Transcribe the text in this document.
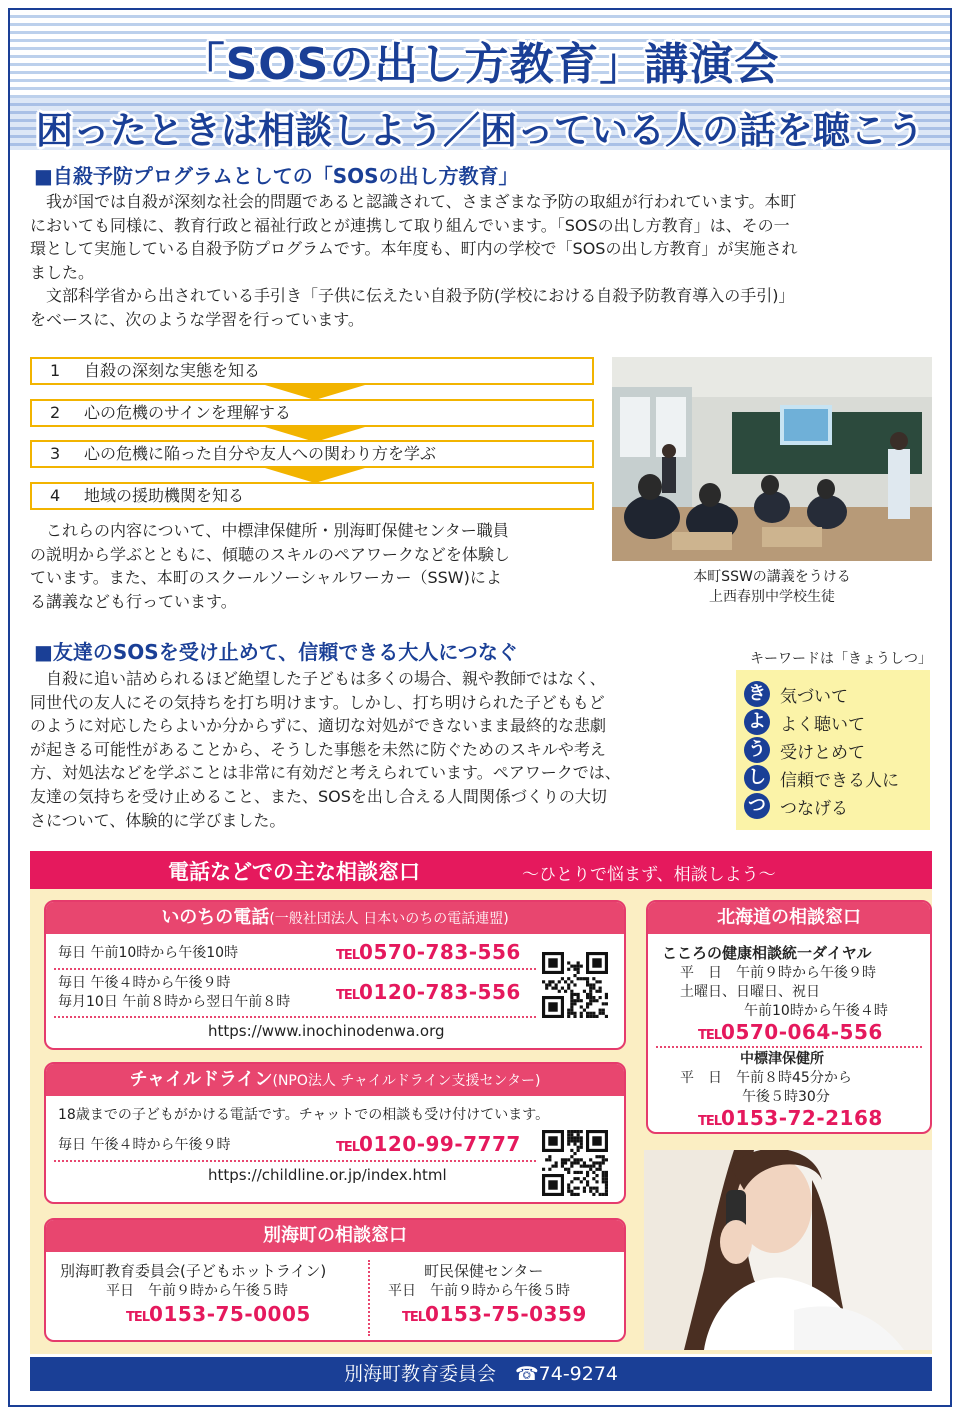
「SOSの出し方教育」講演会
困ったときは相談しよう／困っている人の話を聴こう
■自殺予防プログラムとしての「SOSの出し方教育」
　我が国では自殺が深刻な社会的問題であると認識されて、さまざまな予防の取組が行われています。本町
においても同様に、教育行政と福祉行政とが連携して取り組んでいます。「SOSの出し方教育」は、その一
環として実施している自殺予防プログラムです。本年度も、町内の学校で「SOSの出し方教育」が実施され
ました。
　文部科学省から出されている手引き「子供に伝えたい自殺予防(学校における自殺予防教育導入の手引)」
をベースに、次のような学習を行っています。
1 自殺の深刻な実態を知る
2 心の危機のサインを理解する
3 心の危機に陥った自分や友人への関わり方を学ぶ
4 地域の援助機関を知る
　これらの内容について、中標津保健所・別海町保健センター職員
の説明から学ぶとともに、傾聴のスキルのペアワークなどを体験し
ています。また、本町のスクールソーシャルワーカー（SSW)によ
る講義なども行っています。
本町SSWの講義をうける
上西春別中学校生徒
■友達のSOSを受け止めて、信頼できる大人につなぐ
　自殺に追い詰められるほど絶望した子どもは多くの場合、親や教師ではなく、
同世代の友人にその気持ちを打ち明けます。しかし、打ち明けられた子どももど
のように対応したらよいか分からずに、適切な対処ができないまま最終的な悲劇
が起きる可能性があることから、そうした事態を未然に防ぐためのスキルや考え
方、対処法などを学ぶことは非常に有効だと考えられています。ペアワークでは、
友達の気持ちを受け止めること、また、SOSを出し合える人間関係づくりの大切
さについて、体験的に学びました。
キーワードは「きょうしつ」
き 気づいて
よ よく聴いて
う 受けとめて
し 信頼できる人に
つ つなげる
電話などでの主な相談窓口	～ひとりで悩まず、相談しよう～
いのちの電話(一般社団法人 日本いのちの電話連盟)
毎日 午前10時から午後10時	TEL0570-783-556
毎日 午後４時から午後９時
毎月10日 午前８時から翌日午前８時	TEL0120-783-556
https://www.inochinodenwa.org
チャイルドライン(NPO法人 チャイルドライン支援センター)
18歳までの子どもがかける電話です。チャットでの相談も受け付けています。
毎日 午後４時から午後９時	TEL0120-99-7777
https://childline.or.jp/index.html
北海道の相談窓口
こころの健康相談統一ダイヤル
平　日　午前９時から午後９時
土曜日、日曜日、祝日
午前10時から午後４時
TEL0570-064-556
中標津保健所
平　日　午前８時45分から
午後５時30分
TEL0153-72-2168
別海町の相談窓口
別海町教育委員会(子どもホットライン)
平日　午前９時から午後５時
TEL0153-75-0005
町民保健センター
平日　午前９時から午後５時
TEL0153-75-0359
別海町教育委員会　☎74-9274
